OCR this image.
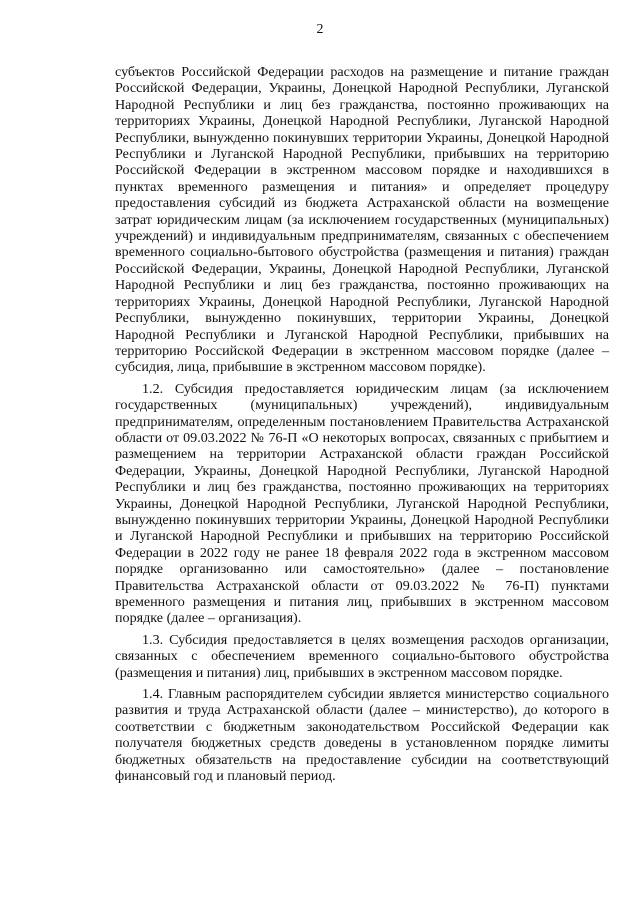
2

субъектов Российской Федерации расходов на размещение и питание граждан Российской Федерации, Украины, Донецкой Народной Республики, Луганской Народной Республики и лиц без гражданства, постоянно проживающих на территориях Украины, Донецкой Народной Республики, Луганской Народной Республики, вынужденно покинувших территории Украины, Донецкой Народной Республики и Луганской Народной Республики, прибывших на территорию Российской Федерации в экстренном массовом порядке и находившихся в пунктах временного размещения и питания» и определяет процедуру предоставления субсидий из бюджета Астраханской области на возмещение затрат юридическим лицам (за исключением государственных (муниципальных) учреждений) и индивидуальным предпринимателям, связанных с обеспечением временного социально-бытового обустройства (размещения и питания) граждан Российской Федерации, Украины, Донецкой Народной Республики, Луганской Народной Республики и лиц без гражданства, постоянно проживающих на территориях Украины, Донецкой Народной Республики, Луганской Народной Республики, вынужденно покинувших, территории Украины, Донецкой Народной Республики и Луганской Народной Республики, прибывших на территорию Российской Федерации в экстренном массовом порядке (далее – субсидия, лица, прибывшие в экстренном массовом порядке).

1.2. Субсидия предоставляется юридическим лицам (за исключением государственных (муниципальных) учреждений), индивидуальным предпринимателям, определенным постановлением Правительства Астраханской области от 09.03.2022 № 76-П «О некоторых вопросах, связанных с прибытием и размещением на территории Астраханской области граждан Российской Федерации, Украины, Донецкой Народной Республики, Луганской Народной Республики и лиц без гражданства, постоянно проживающих на территориях Украины, Донецкой Народной Республики, Луганской Народной Республики, вынужденно покинувших территории Украины, Донецкой Народной Республики и Луганской Народной Республики и прибывших на территорию Российской Федерации в 2022 году не ранее 18 февраля 2022 года в экстренном массовом порядке организованно или самостоятельно» (далее – постановление Правительства Астраханской области от 09.03.2022 № 76-П) пунктами временного размещения и питания лиц, прибывших в экстренном массовом порядке (далее – организация).

1.3. Субсидия предоставляется в целях возмещения расходов организации, связанных с обеспечением временного социально-бытового обустройства (размещения и питания) лиц, прибывших в экстренном массовом порядке.

1.4. Главным распорядителем субсидии является министерство социального развития и труда Астраханской области (далее – министерство), до которого в соответствии с бюджетным законодательством Российской Федерации как получателя бюджетных средств доведены в установленном порядке лимиты бюджетных обязательств на предоставление субсидии на соответствующий финансовый год и плановый период.
